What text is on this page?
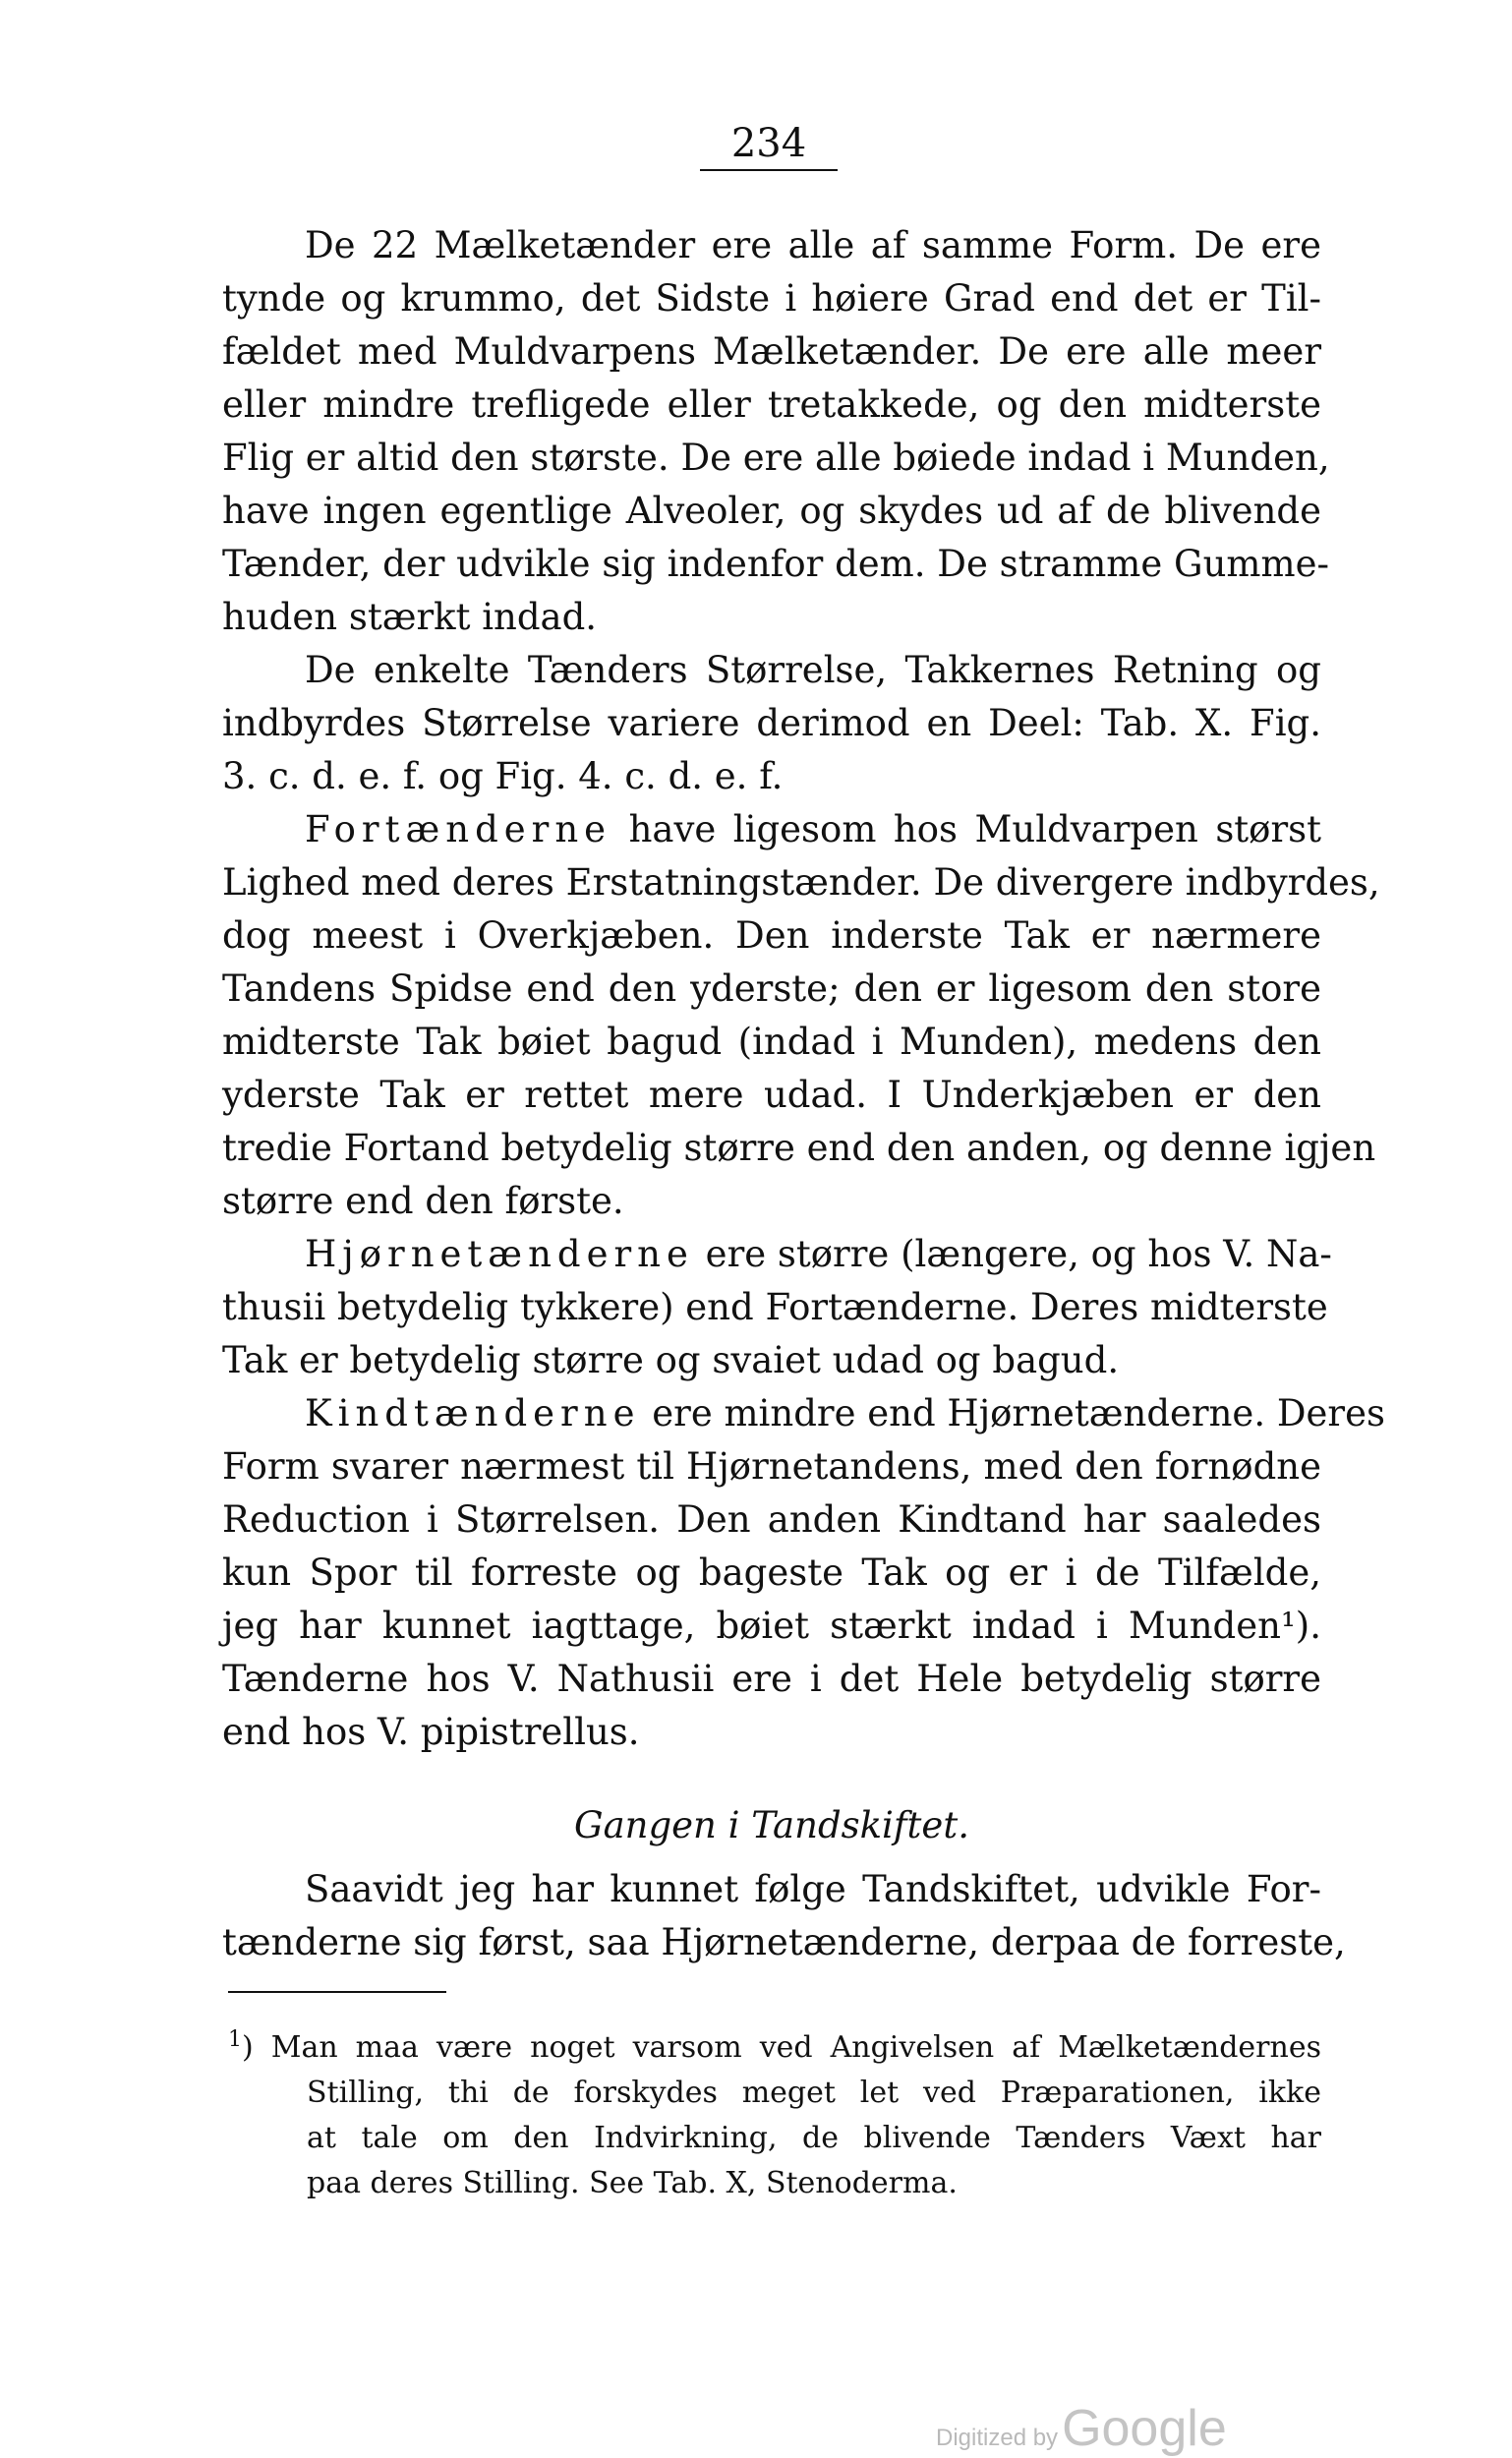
234
De 22 Mælketænder ere alle af samme Form. De ere
tynde og krummo, det Sidste i høiere Grad end det er Til-
fældet med Muldvarpens Mælketænder. De ere alle meer
eller mindre trefligede eller tretakkede, og den midterste
Flig er altid den største. De ere alle bøiede indad i Munden,
have ingen egentlige Alveoler, og skydes ud af de blivende
Tænder, der udvikle sig indenfor dem. De stramme Gumme-
huden stærkt indad.
De enkelte Tænders Størrelse, Takkernes Retning og
indbyrdes Størrelse variere derimod en Deel: Tab. X. Fig.
3. c. d. e. f. og Fig. 4. c. d. e. f.
Fortænderne have ligesom hos Muldvarpen størst
Lighed med deres Erstatningstænder. De divergere indbyrdes,
dog meest i Overkjæben. Den inderste Tak er nærmere
Tandens Spidse end den yderste; den er ligesom den store
midterste Tak bøiet bagud (indad i Munden), medens den
yderste Tak er rettet mere udad. I Underkjæben er den
tredie Fortand betydelig større end den anden, og denne igjen
større end den første.
Hjørnetænderne ere større (længere, og hos V. Na-
thusii betydelig tykkere) end Fortænderne. Deres midterste
Tak er betydelig større og svaiet udad og bagud.
Kindtænderne ere mindre end Hjørnetænderne. Deres
Form svarer nærmest til Hjørnetandens, med den fornødne
Reduction i Størrelsen. Den anden Kindtand har saaledes
kun Spor til forreste og bageste Tak og er i de Tilfælde,
jeg har kunnet iagttage, bøiet stærkt indad i Munden¹).
Tænderne hos V. Nathusii ere i det Hele betydelig større
end hos V. pipistrellus.
Gangen i Tandskiftet.
Saavidt jeg har kunnet følge Tandskiftet, udvikle For-
tænderne sig først, saa Hjørnetænderne, derpaa de forreste,
$^1$) Man maa være noget varsom ved Angivelsen af Mælketændernes
Stilling, thi de forskydes meget let ved Præparationen, ikke
at tale om den Indvirkning, de blivende Tænders Væxt har
paa deres Stilling. See Tab. X, Stenoderma.
Digitized by Google
